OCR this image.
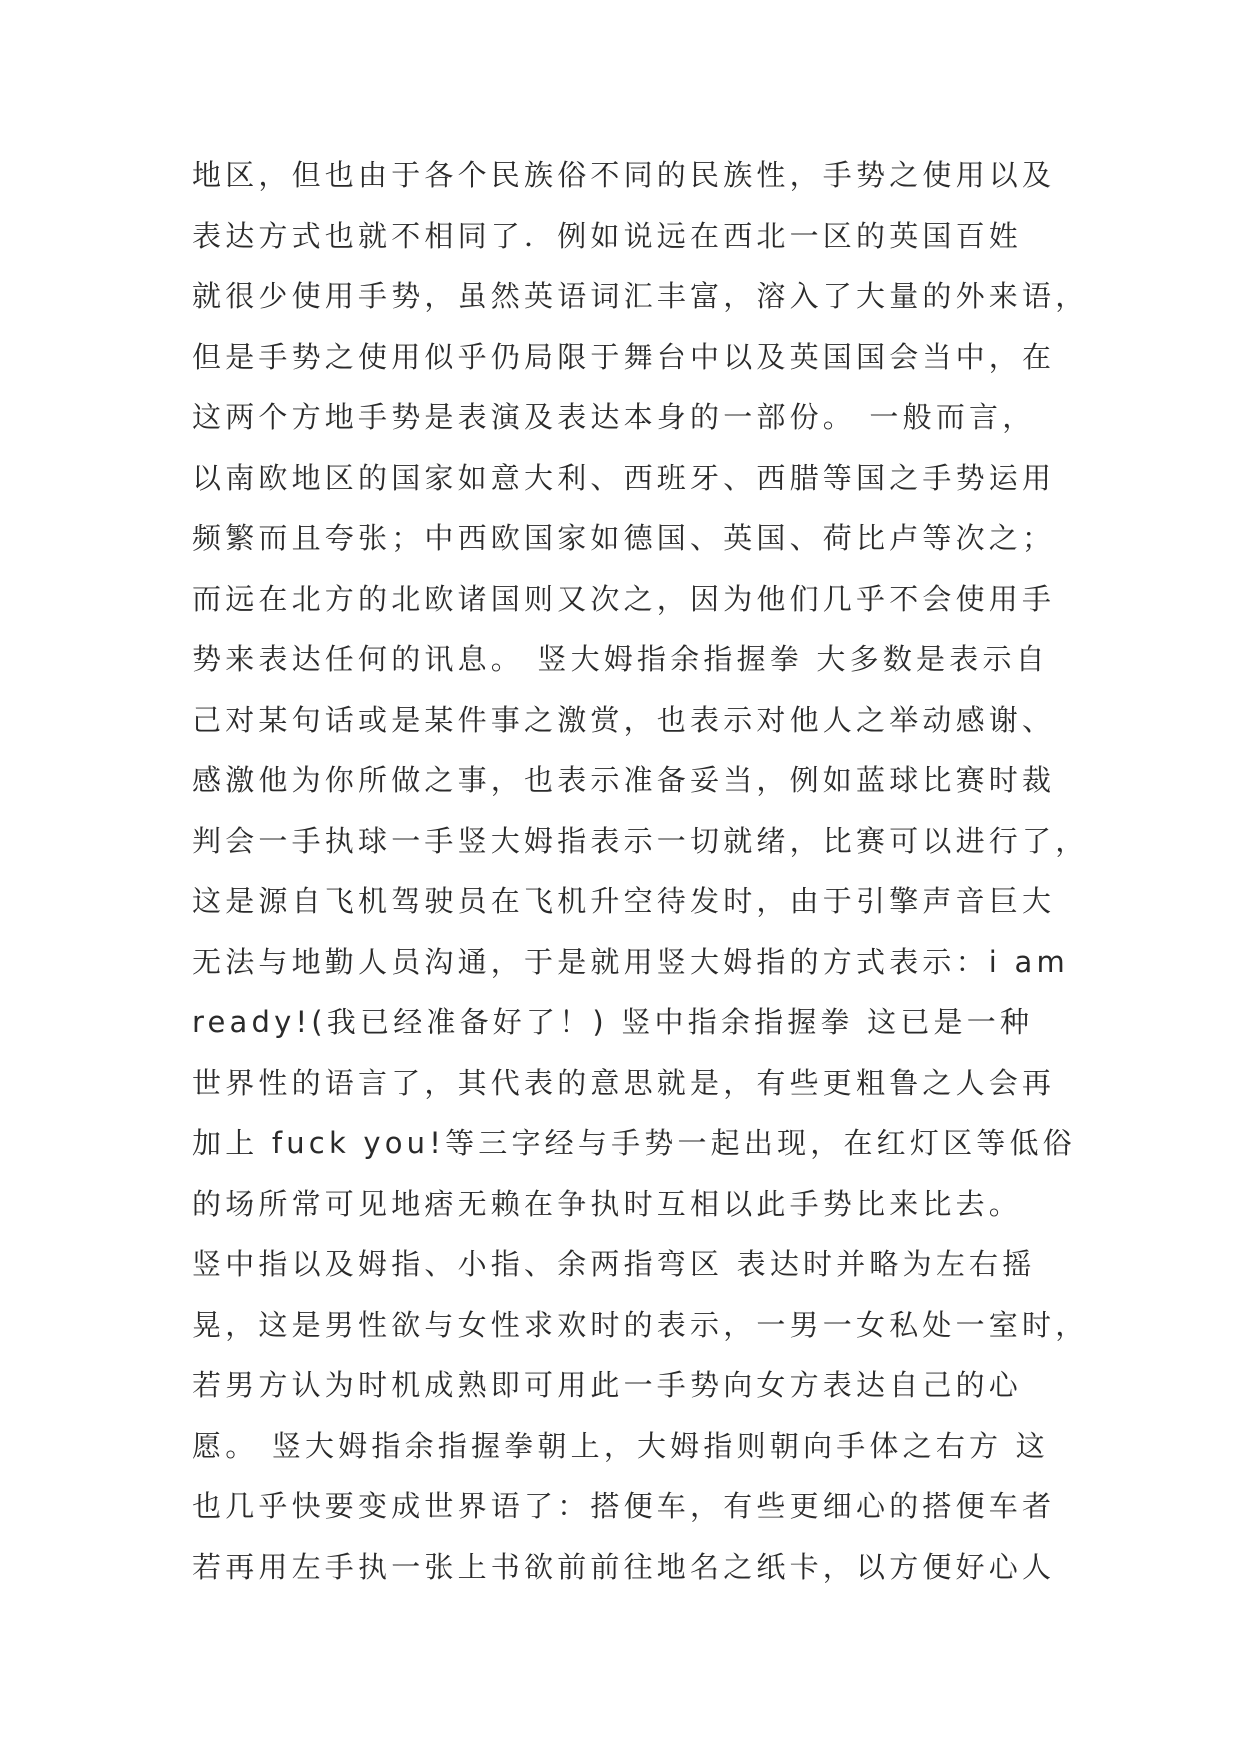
地区，但也由于各个民族俗不同的民族性，手势之使用以及
表达方式也就不相同了．例如说远在西北一区的英国百姓
就很少使用手势，虽然英语词汇丰富，溶入了大量的外来语，
但是手势之使用似乎仍局限于舞台中以及英国国会当中，在
这两个方地手势是表演及表达本身的一部份。 一般而言，
以南欧地区的国家如意大利、西班牙、西腊等国之手势运用
频繁而且夸张；中西欧国家如德国、英国、荷比卢等次之；
而远在北方的北欧诸国则又次之，因为他们几乎不会使用手
势来表达任何的讯息。 竖大姆指余指握拳 大多数是表示自
己对某句话或是某件事之激赏，也表示对他人之举动感谢、
感激他为你所做之事，也表示准备妥当，例如蓝球比赛时裁
判会一手执球一手竖大姆指表示一切就绪，比赛可以进行了，
这是源自飞机驾驶员在飞机升空待发时，由于引擎声音巨大
无法与地勤人员沟通，于是就用竖大姆指的方式表示：i am
ready!(我已经准备好了！) 竖中指余指握拳 这已是一种
世界性的语言了，其代表的意思就是，有些更粗鲁之人会再
加上 fuck you!等三字经与手势一起出现，在红灯区等低俗
的场所常可见地痞无赖在争执时互相以此手势比来比去。
竖中指以及姆指、小指、余两指弯区 表达时并略为左右摇
晃，这是男性欲与女性求欢时的表示，一男一女私处一室时，
若男方认为时机成熟即可用此一手势向女方表达自己的心
愿。 竖大姆指余指握拳朝上，大姆指则朝向手体之右方 这
也几乎快要变成世界语了：搭便车，有些更细心的搭便车者
若再用左手执一张上书欲前前往地名之纸卡，以方便好心人
